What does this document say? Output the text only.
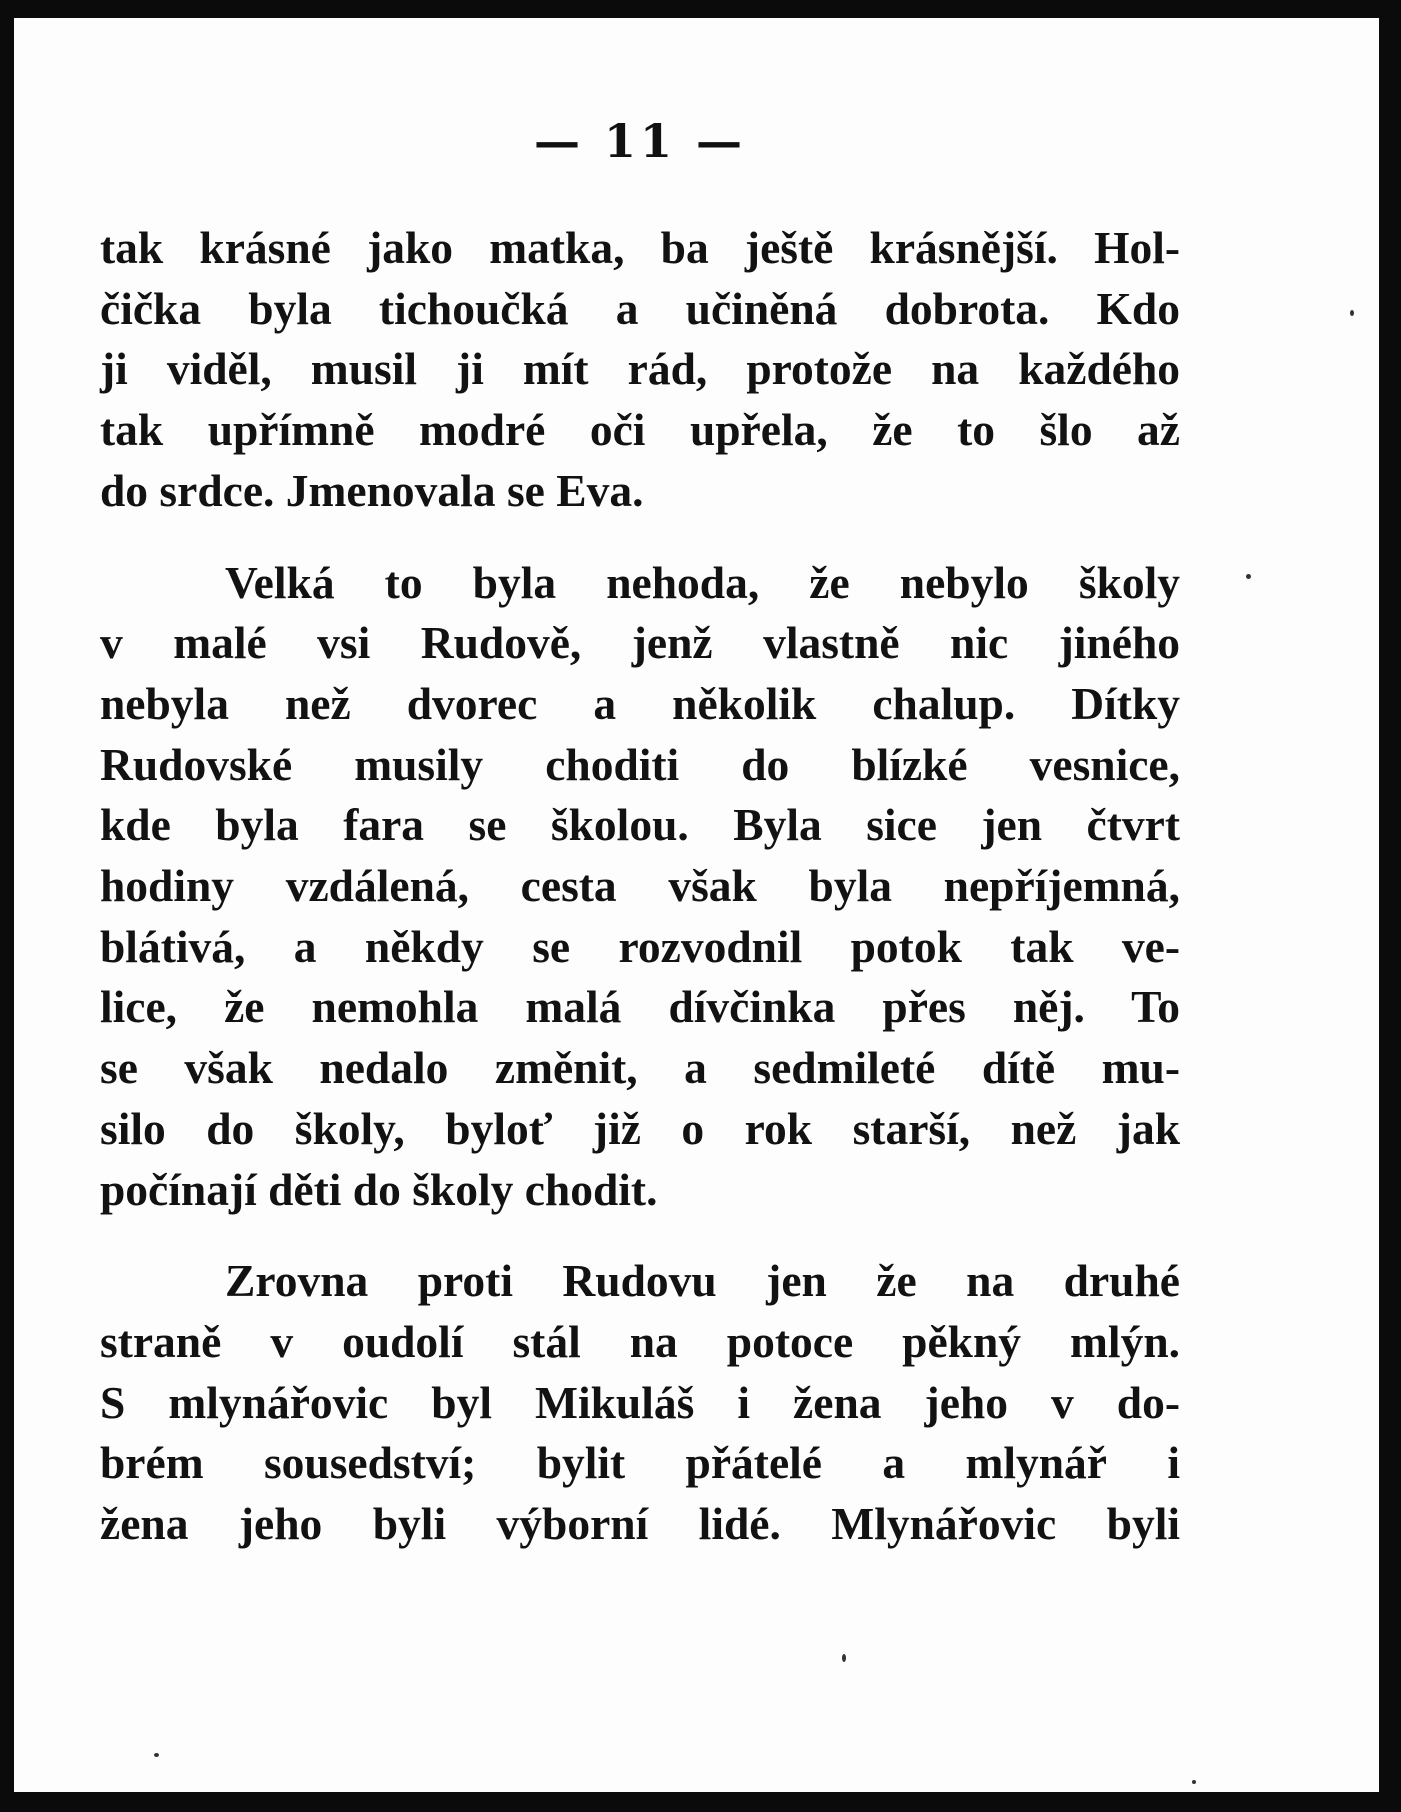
— 11 —

tak krásné jako matka, ba ještě krásnější. Hol-
čička byla tichoučká a učiněná dobrota. Kdo
ji viděl, musil ji mít rád, protože na každého
tak upřímně modré oči upřela, že to šlo až
do srdce. Jmenovala se Eva.

Velká to byla nehoda, že nebylo školy
v malé vsi Rudově, jenž vlastně nic jiného
nebyla než dvorec a několik chalup. Dítky
Rudovské musily choditi do blízké vesnice,
kde byla fara se školou. Byla sice jen čtvrt
hodiny vzdálená, cesta však byla nepříjemná,
blátivá, a někdy se rozvodnil potok tak ve-
lice, že nemohla malá dívčinka přes něj. To
se však nedalo změnit, a sedmileté dítě mu-
silo do školy, byloť již o rok starší, než jak
počínají děti do školy chodit.

Zrovna proti Rudovu jen že na druhé
straně v oudolí stál na potoce pěkný mlýn.
S mlynářovic byl Mikuláš i žena jeho v do-
brém sousedství; bylit přátelé a mlynář i
žena jeho byli výborní lidé. Mlynářovic byli
